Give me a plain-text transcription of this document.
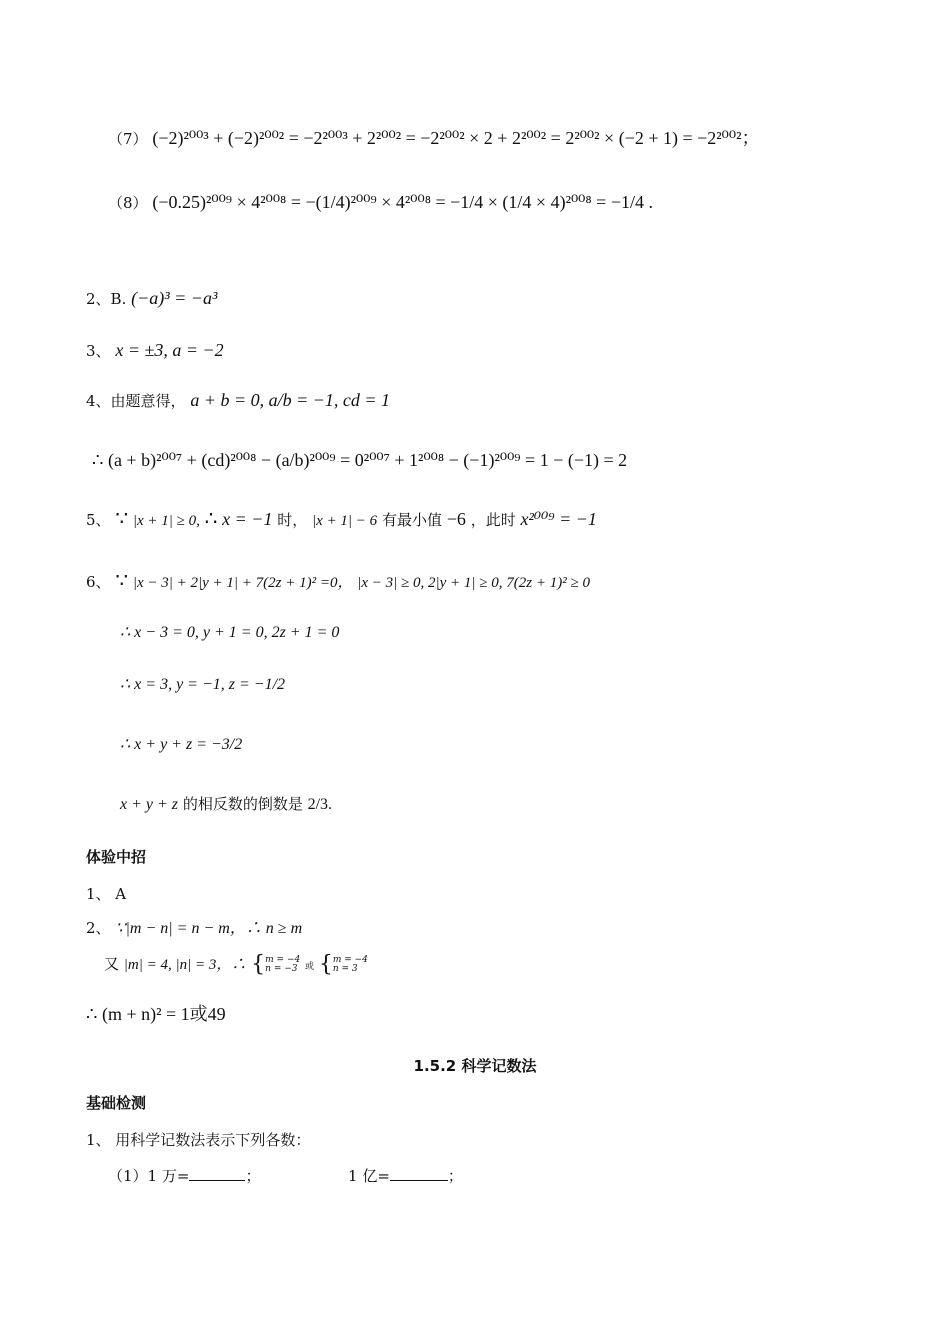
（7） (−2)²⁰⁰³ + (−2)²⁰⁰² = −2²⁰⁰³ + 2²⁰⁰² = −2²⁰⁰² × 2 + 2²⁰⁰² = 2²⁰⁰² × (−2 + 1) = −2²⁰⁰²；
（8） (−0.25)²⁰⁰⁹ × 4²⁰⁰⁸ = −(1/4)²⁰⁰⁹ × 4²⁰⁰⁸ = −1/4 × (1/4 × 4)²⁰⁰⁸ = −1/4 .
2、B. (−a)³ = −a³
3、 x = ±3, a = −2
4、由题意得， a + b = 0, a/b = −1, cd = 1
∴ (a + b)²⁰⁰⁷ + (cd)²⁰⁰⁸ − (a/b)²⁰⁰⁹ = 0²⁰⁰⁷ + 1²⁰⁰⁸ − (−1)²⁰⁰⁹ = 1 − (−1) = 2
5、 ∵ |x + 1| ≥ 0, ∴ x = −1 时， |x + 1| − 6 有最小值 −6 ，此时 x²⁰⁰⁹ = −1
6、 ∵ |x − 3| + 2|y + 1| + 7(2z + 1)² =0， |x − 3| ≥ 0, 2|y + 1| ≥ 0, 7(2z + 1)² ≥ 0
∴ x − 3 = 0, y + 1 = 0, 2z + 1 = 0
∴ x = 3, y = −1, z = −1/2
∴ x + y + z = −3/2
x + y + z 的相反数的倒数是 2/3.
体验中招
1、 A
2、 ∵|m − n| = n − m，∴ n ≥ m
又 |m| = 4, |n| = 3，∴ { m = −4
n = −3 或 { m = −4
n = 3
∴ (m + n)² = 1或49
1.5.2 科学记数法
基础检测
1、 用科学记数法表示下列各数：
（1）1 万=	；	1 亿=	；
